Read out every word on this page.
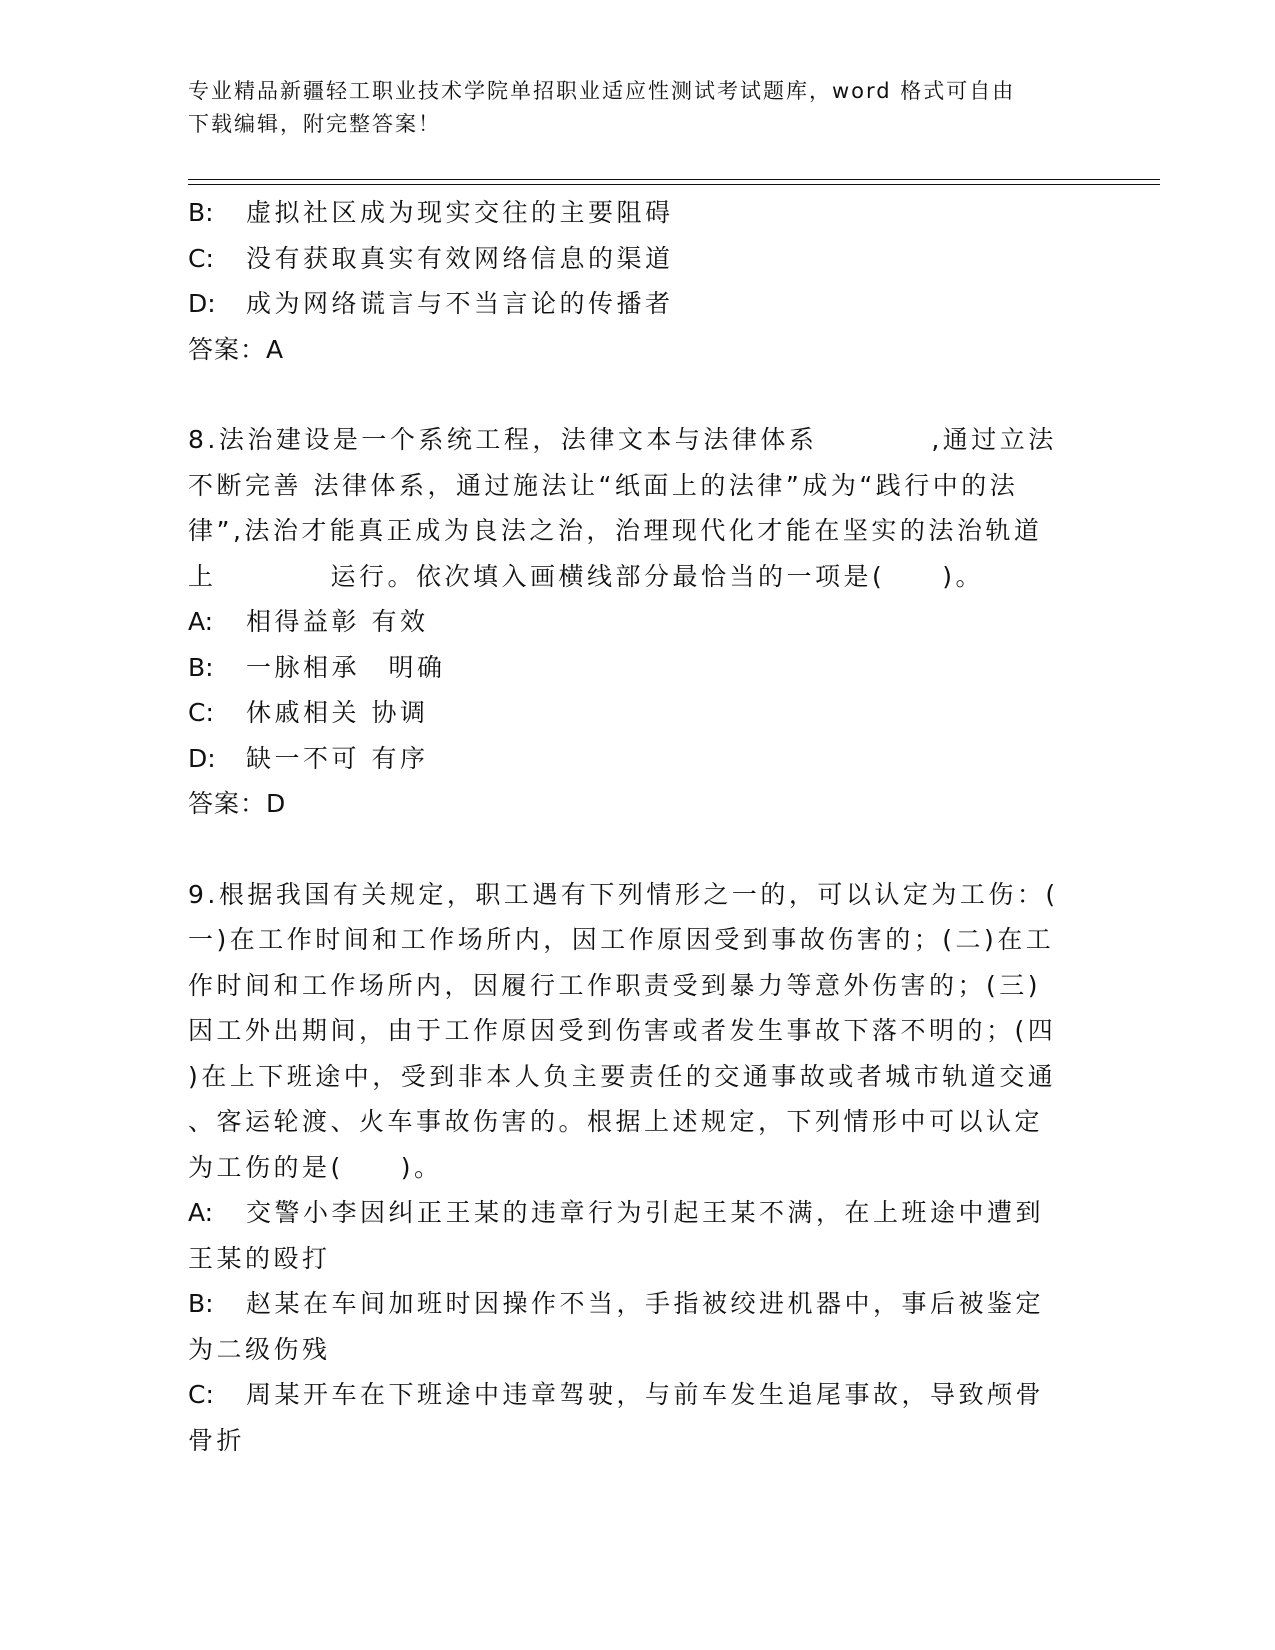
专业精品新疆轻工职业技术学院单招职业适应性测试考试题库，word 格式可自由
下载编辑，附完整答案！

B: 虚拟社区成为现实交往的主要阻碍

C: 没有获取真实有效网络信息的渠道

D: 成为网络谎言与不当言论的传播者

答案：A

8.法治建设是一个系统工程，法律文本与法律体系　　　　,通过立法

不断完善 法律体系，通过施法让“纸面上的法律”成为“践行中的法

律”,法治才能真正成为良法之治，治理现代化才能在坚实的法治轨道

上　　　　运行。依次填入画横线部分最恰当的一项是(　　)。

A: 相得益彰 有效

B: 一脉相承　明确

C: 休戚相关 协调

D: 缺一不可 有序

答案：D

9.根据我国有关规定，职工遇有下列情形之一的，可以认定为工伤：(

一)在工作时间和工作场所内，因工作原因受到事故伤害的；(二)在工

作时间和工作场所内，因履行工作职责受到暴力等意外伤害的；(三)

因工外出期间，由于工作原因受到伤害或者发生事故下落不明的；(四

)在上下班途中，受到非本人负主要责任的交通事故或者城市轨道交通

、客运轮渡、火车事故伤害的。根据上述规定，下列情形中可以认定

为工伤的是(　　)。

A: 交警小李因纠正王某的违章行为引起王某不满，在上班途中遭到

王某的殴打

B: 赵某在车间加班时因操作不当，手指被绞进机器中，事后被鉴定

为二级伤残

C: 周某开车在下班途中违章驾驶，与前车发生追尾事故，导致颅骨

骨折
